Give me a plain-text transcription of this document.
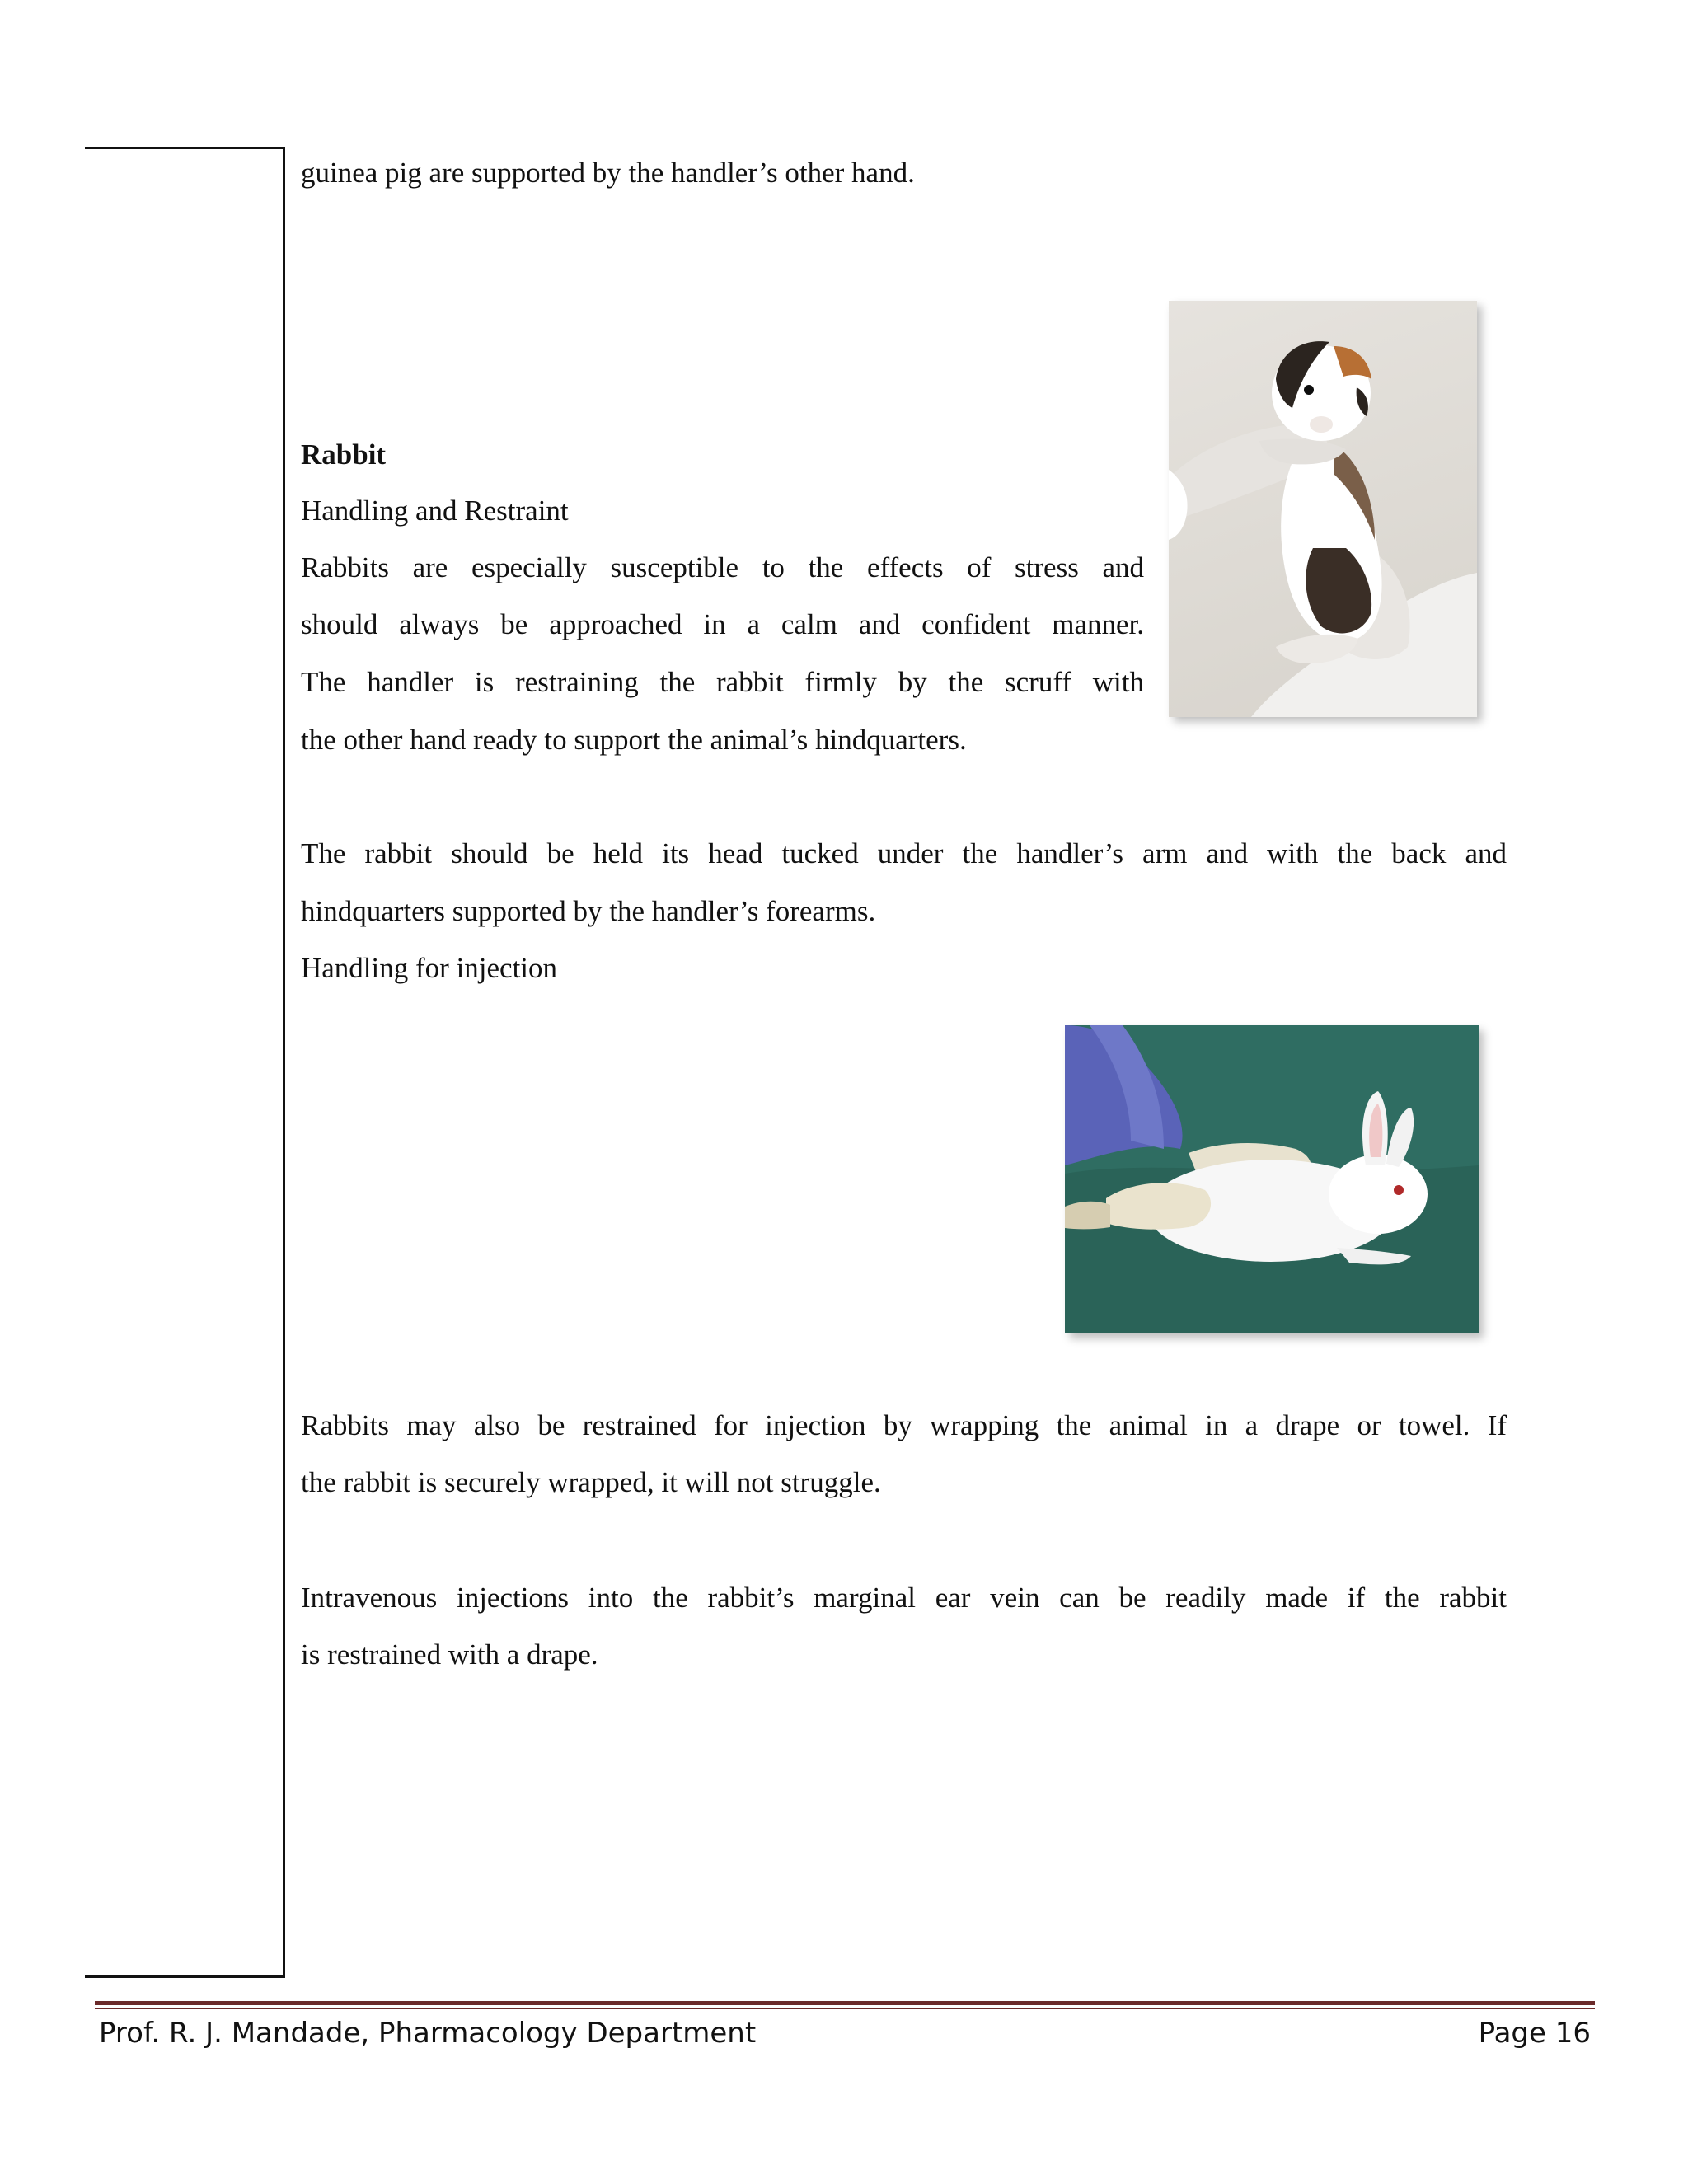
guinea pig are supported by the handler’s other hand.
Rabbit
Handling and Restraint
Rabbits are especially susceptible to the effects of stress and
should always be approached in a calm and confident manner.
The handler is restraining the rabbit firmly by the scruff with
the other hand ready to support the animal’s hindquarters.
The rabbit should be held its head tucked under the handler’s arm and with the back and
hindquarters supported by the handler’s forearms.
Handling for injection
Rabbits may also be restrained for injection by wrapping the animal in a drape or towel. If
the rabbit is securely wrapped, it will not struggle.
Intravenous injections into the rabbit’s marginal ear vein can be readily made if the rabbit
is restrained with a drape.
Prof. R. J. Mandade, Pharmacology Department	Page 16
